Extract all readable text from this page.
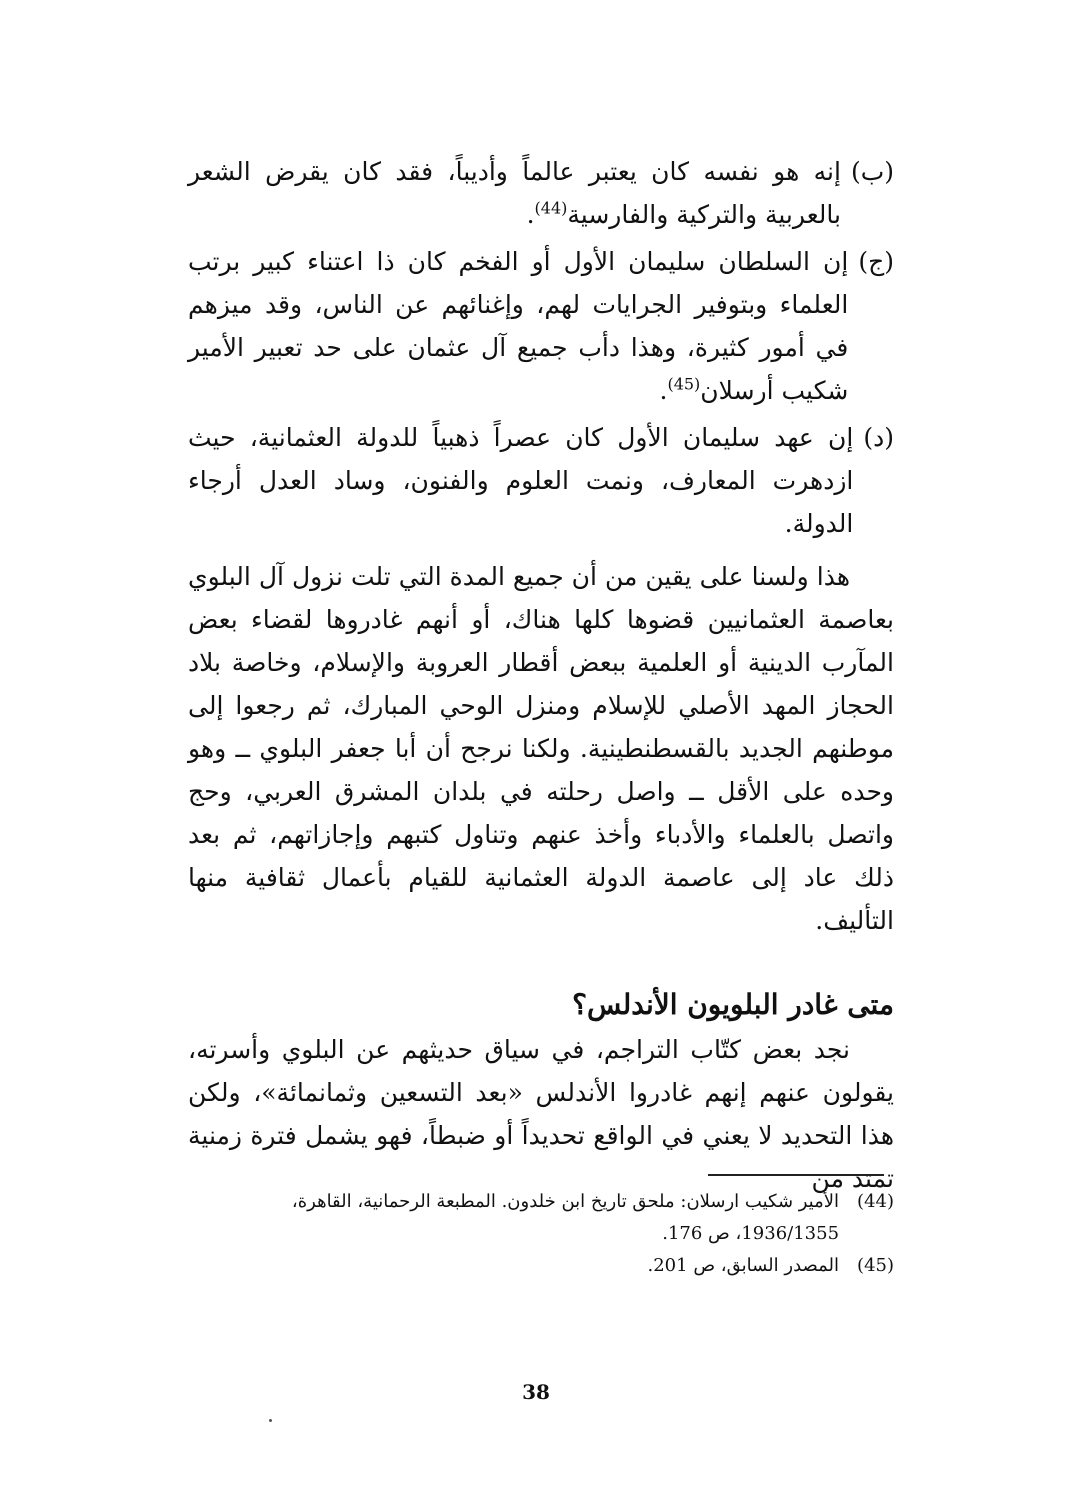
(ب)
إنه هو نفسه كان يعتبر عالماً وأديباً، فقد كان يقرض الشعر بالعربية والتركية والفارسية$^{(44)}$.
(ج)
إن السلطان سليمان الأول أو الفخم كان ذا اعتناء كبير برتب العلماء وبتوفير الجرايات لهم، وإغنائهم عن الناس، وقد ميزهم في أمور كثيرة، وهذا دأب جميع آل عثمان على حد تعبير الأمير شكيب أرسلان$^{(45)}$.
(د)
إن عهد سليمان الأول كان عصراً ذهبياً للدولة العثمانية، حيث ازدهرت المعارف، ونمت العلوم والفنون، وساد العدل أرجاء الدولة.
هذا ولسنا على يقين من أن جميع المدة التي تلت نزول آل البلوي بعاصمة العثمانيين قضوها كلها هناك، أو أنهم غادروها لقضاء بعض المآرب الدينية أو العلمية ببعض أقطار العروبة والإسلام، وخاصة بلاد الحجاز المهد الأصلي للإسلام ومنزل الوحي المبارك، ثم رجعوا إلى موطنهم الجديد بالقسطنطينية. ولكنا نرجح أن أبا جعفر البلوي ــ وهو وحده على الأقل ــ واصل رحلته في بلدان المشرق العربي، وحج واتصل بالعلماء والأدباء وأخذ عنهم وتناول كتبهم وإجازاتهم، ثم بعد ذلك عاد إلى عاصمة الدولة العثمانية للقيام بأعمال ثقافية منها التأليف.
متى غادر البلويون الأندلس؟
نجد بعض كتّاب التراجم، في سياق حديثهم عن البلوي وأسرته، يقولون عنهم إنهم غادروا الأندلس «بعد التسعين وثمانمائة»، ولكن هذا التحديد لا يعني في الواقع تحديداً أو ضبطاً، فهو يشمل فترة زمنية تمتد من
(44)
الأمير شكيب ارسلان: ملحق تاريخ ابن خلدون. المطبعة الرحمانية، القاهرة، 1936/1355، ص 176.
(45)
المصدر السابق، ص 201.
38
